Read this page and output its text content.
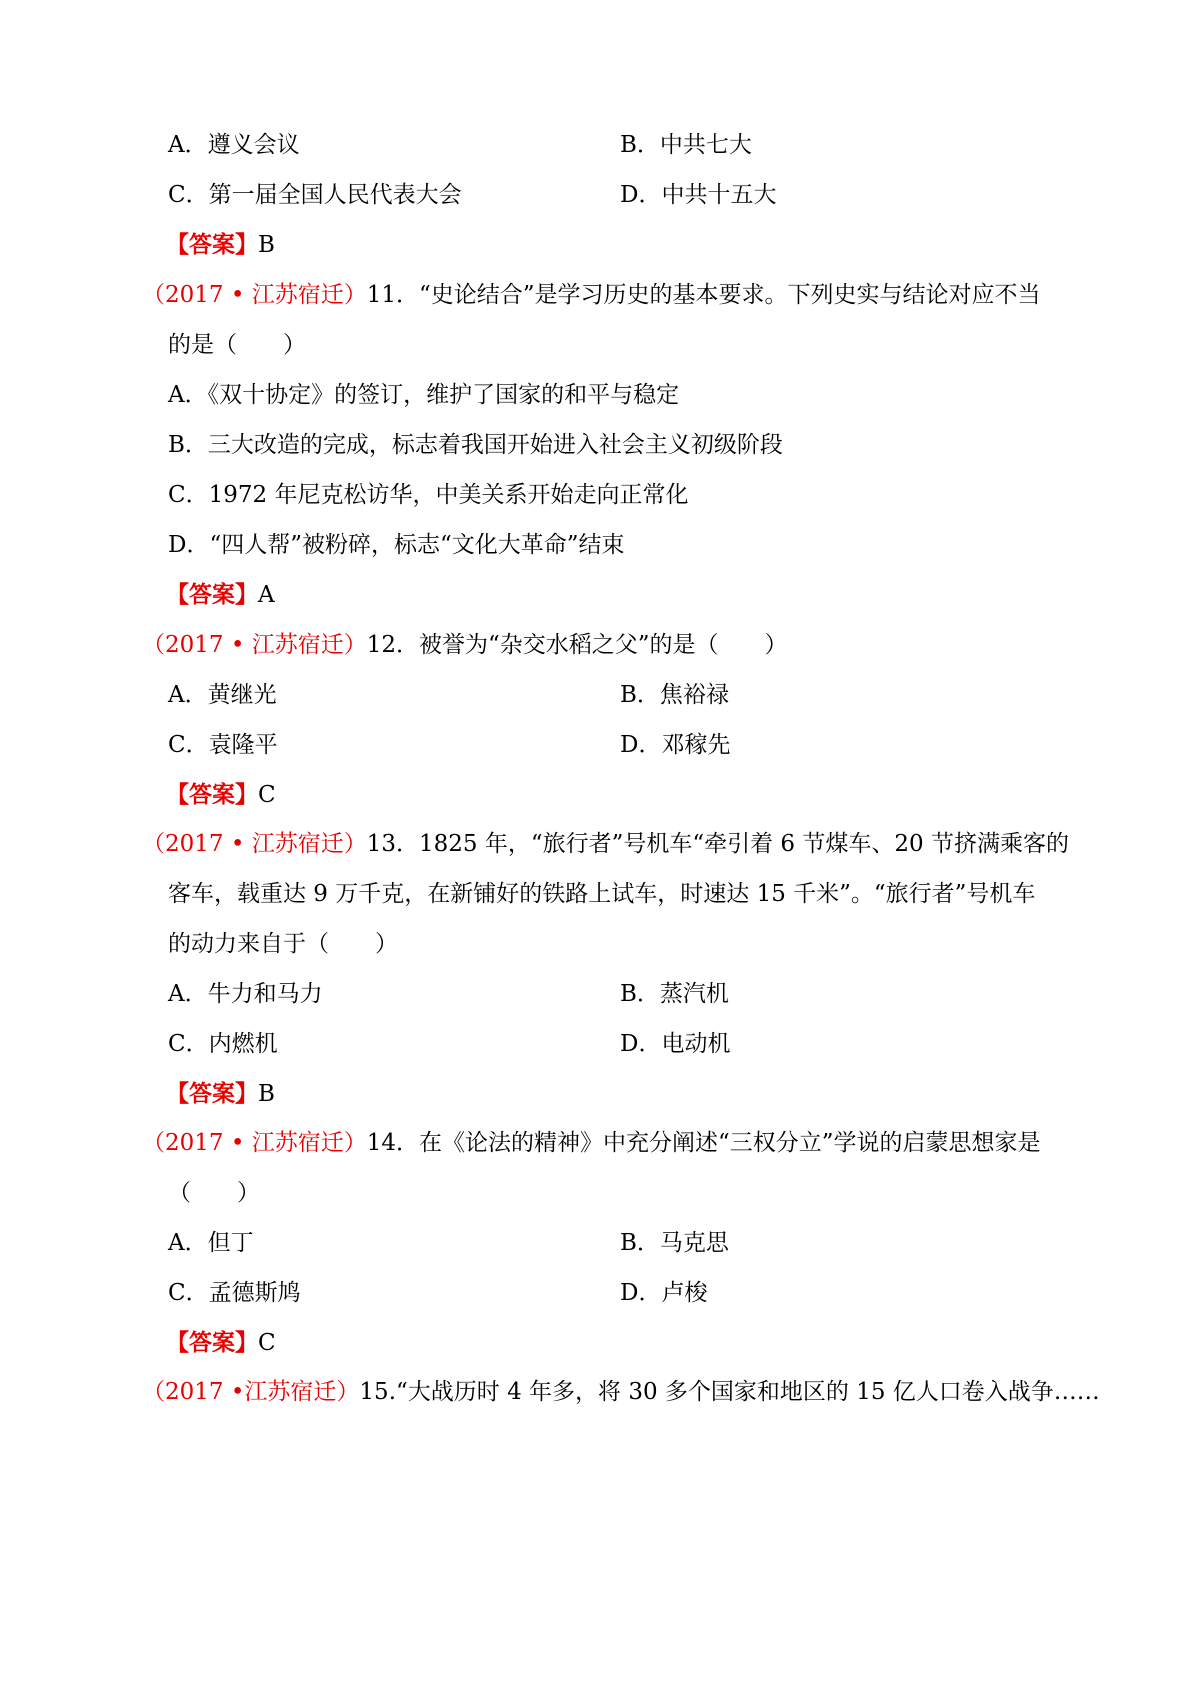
A．遵义会议	B．中共七大
C．第一届全国人民代表大会	D．中共十五大
【答案】B
（2017 • 江苏宿迁）11．“史论结合”是学习历史的基本要求。下列史实与结论对应不当
的是（　　）
A．《双十协定》的签订，维护了国家的和平与稳定
B．三大改造的完成，标志着我国开始进入社会主义初级阶段
C．1972 年尼克松访华，中美关系开始走向正常化
D．“四人帮”被粉碎，标志“文化大革命”结束
【答案】A
（2017 • 江苏宿迁）12．被誉为“杂交水稻之父”的是（　　）
A．黄继光	B．焦裕禄
C．袁隆平	D．邓稼先
【答案】C
（2017 • 江苏宿迁）13．1825 年，“旅行者”号机车“牵引着 6 节煤车、20 节挤满乘客的
客车，载重达 9 万千克，在新铺好的铁路上试车，时速达 15 千米”。“旅行者”号机车
的动力来自于（　　）
A．牛力和马力	B．蒸汽机
C．内燃机	D．电动机
【答案】B
（2017 • 江苏宿迁）14．在《论法的精神》中充分阐述“三权分立”学说的启蒙思想家是
（　　）
A．但丁	B．马克思
C．孟德斯鸠	D．卢梭
【答案】C
（2017 •江苏宿迁）15.“大战历时 4 年多，将 30 多个国家和地区的 15 亿人口卷入战争……
